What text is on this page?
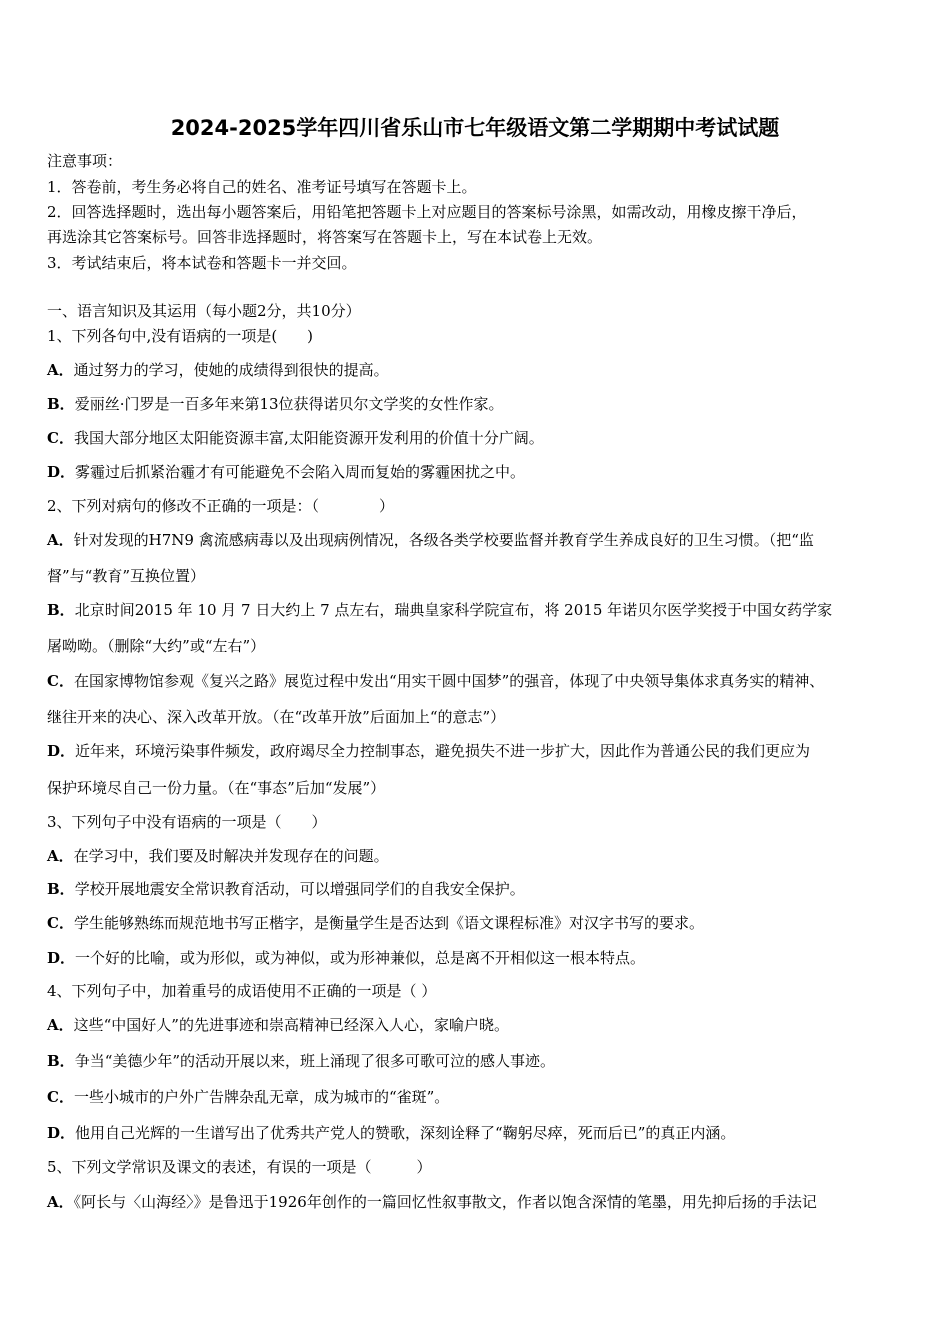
2024-2025学年四川省乐山市七年级语文第二学期期中考试试题
注意事项：
1．答卷前，考生务必将自己的姓名、准考证号填写在答题卡上。
2．回答选择题时，选出每小题答案后，用铅笔把答题卡上对应题目的答案标号涂黑，如需改动，用橡皮擦干净后，
再选涂其它答案标号。回答非选择题时，将答案写在答题卡上，写在本试卷上无效。
3．考试结束后，将本试卷和答题卡一并交回。
一、语言知识及其运用（每小题2分，共10分）
1、下列各句中,没有语病的一项是(　　)
A．通过努力的学习，使她的成绩得到很快的提高。
B．爱丽丝·门罗是一百多年来第13位获得诺贝尔文学奖的女性作家。
C．我国大部分地区太阳能资源丰富,太阳能资源开发利用的价值十分广阔。
D．雾霾过后抓紧治霾才有可能避免不会陷入周而复始的雾霾困扰之中。
2、下列对病句的修改不正确的一项是：（　　　　）
A．针对发现的H7N9 禽流感病毒以及出现病例情况，各级各类学校要监督并教育学生养成良好的卫生习惯。（把“监
督”与“教育”互换位置）
B．北京时间2015 年 10 月 7 日大约上 7 点左右，瑞典皇家科学院宣布，将 2015 年诺贝尔医学奖授于中国女药学家
屠呦呦。（删除“大约”或“左右”）
C．在国家博物馆参观《复兴之路》展览过程中发出“用实干圆中国梦”的强音，体现了中央领导集体求真务实的精神、
继往开来的决心、深入改革开放。（在“改革开放”后面加上“的意志”）
D．近年来，环境污染事件频发，政府竭尽全力控制事态，避免损失不进一步扩大，因此作为普通公民的我们更应为
保护环境尽自己一份力量。（在“事态”后加“发展”）
3、下列句子中没有语病的一项是（　　）
A．在学习中，我们要及时解决并发现存在的问题。
B．学校开展地震安全常识教育活动，可以增强同学们的自我安全保护。
C．学生能够熟练而规范地书写正楷字，是衡量学生是否达到《语文课程标准》对汉字书写的要求。
D．一个好的比喻，或为形似，或为神似，或为形神兼似，总是离不开相似这一根本特点。
4、下列句子中，加着重号的成语使用不正确的一项是（ ）
A．这些“中国好人”的先进事迹和崇高精神已经深入人心，家喻户晓。
B．争当“美德少年”的活动开展以来，班上涌现了很多可歌可泣的感人事迹。
C．一些小城市的户外广告牌杂乱无章，成为城市的“雀斑”。
D．他用自己光辉的一生谱写出了优秀共产党人的赞歌，深刻诠释了“鞠躬尽瘁，死而后已”的真正内涵。
5、下列文学常识及课文的表述，有误的一项是（　　　）
A．《阿长与〈山海经〉》是鲁迅于1926年创作的一篇回忆性叙事散文，作者以饱含深情的笔墨，用先抑后扬的手法记
